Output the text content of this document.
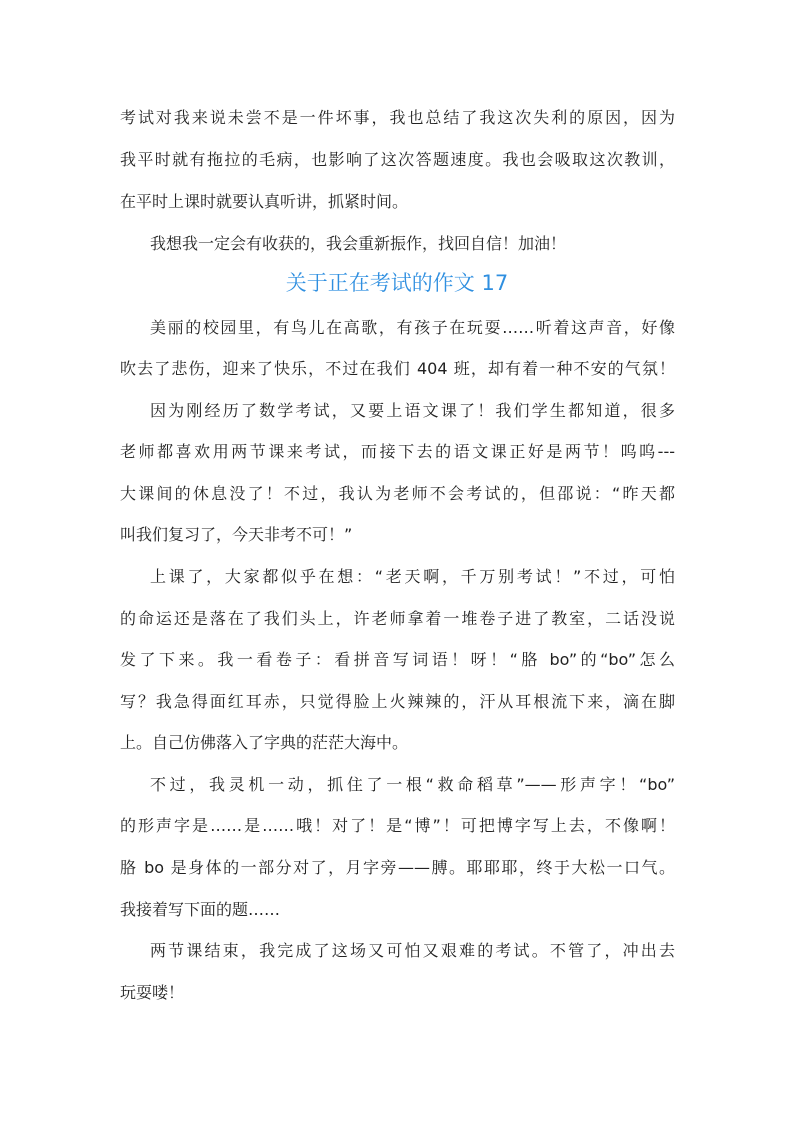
考试对我来说未尝不是一件坏事，我也总结了我这次失利的原因，因为
我平时就有拖拉的毛病，也影响了这次答题速度。我也会吸取这次教训，
在平时上课时就要认真听讲，抓紧时间。
我想我一定会有收获的，我会重新振作，找回自信！加油！
关于正在考试的作文 17
美丽的校园里，有鸟儿在高歌，有孩子在玩耍……听着这声音，好像
吹去了悲伤，迎来了快乐，不过在我们 404 班，却有着一种不安的气氛！
因为刚经历了数学考试，又要上语文课了！我们学生都知道，很多
老师都喜欢用两节课来考试，而接下去的语文课正好是两节！呜呜---
大课间的休息没了！不过，我认为老师不会考试的，但邵说：“昨天都
叫我们复习了，今天非考不可！”
上课了，大家都似乎在想：“老天啊，千万别考试！”不过，可怕
的命运还是落在了我们头上，许老师拿着一堆卷子进了教室，二话没说
发了下来。我一看卷子：看拼音写词语！呀！“胳 bo”的“bo”怎么
写？我急得面红耳赤，只觉得脸上火辣辣的，汗从耳根流下来，滴在脚
上。自己仿佛落入了字典的茫茫大海中。
不过，我灵机一动，抓住了一根“救命稻草”——形声字！“bo”
的形声字是……是……哦！对了！是“博”！可把博字写上去，不像啊！
胳 bo 是身体的一部分对了，月字旁——膊。耶耶耶，终于大松一口气。
我接着写下面的题……
两节课结束，我完成了这场又可怕又艰难的考试。不管了，冲出去
玩耍喽！
